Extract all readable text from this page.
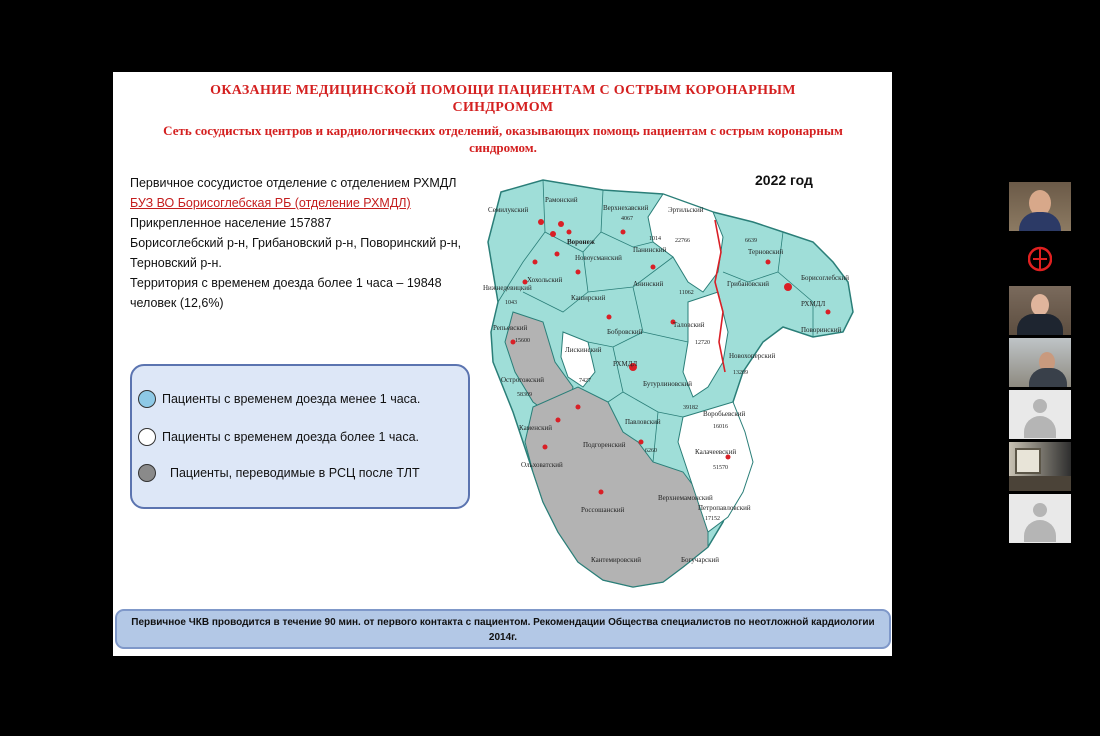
ОКАЗАНИЕ МЕДИЦИНСКОЙ ПОМОЩИ ПАЦИЕНТАМ С ОСТРЫМ КОРОНАРНЫМ СИНДРОМОМ
Сеть сосудистых центров и кардиологических отделений, оказывающих помощь пациентам с острым коронарным синдромом.
2022 год

Первичное сосудистое отделение с отделением РХМДЛ

БУЗ ВО Борисоглебская РБ (отделение РХМДЛ)

Прикрепленное население 157887

Борисоглебский р-н, Грибановский р-н, Поворинский р-н, Терновский р-н.

Территория с временем доезда более 1 часа – 19848 человек (12,6%)

Пациенты с временем доезда менее 1 часа.
Пациенты с временем доезда более 1 часа.
Пациенты, переводимые в РСЦ после ТЛТ
Рамонский
Семилукский	Верхнехавский
4067
Эртильский
22766
Воронеж
Новоусманский
Панинский
1014
Терновский
6639
Хохольский	Грибановский
Борисоглебский
РХМДЛ
Нижнедевицкий
1043
Анинский
11062
Каширский
Поворинский
Репьевский
15600
Бобровский
РХМДЛ
Таловский
12720
Новохоперский
13209
Лискинский
Острогожский
58309
7427	Бутурлиновский
39182
Воробьевский
16016
Каменский
Павловский
6260
Подгоренский
Калачеевский
51570
Ольховатский
Россошанский
Верхнемамонский
Петропавловский
17152
Кантемировский	Богучарский
Первичное ЧКВ проводится в течение 90 мин. от первого контакта с пациентом. Рекомендации Общества специалистов по неотложной кардиологии 2014г.
